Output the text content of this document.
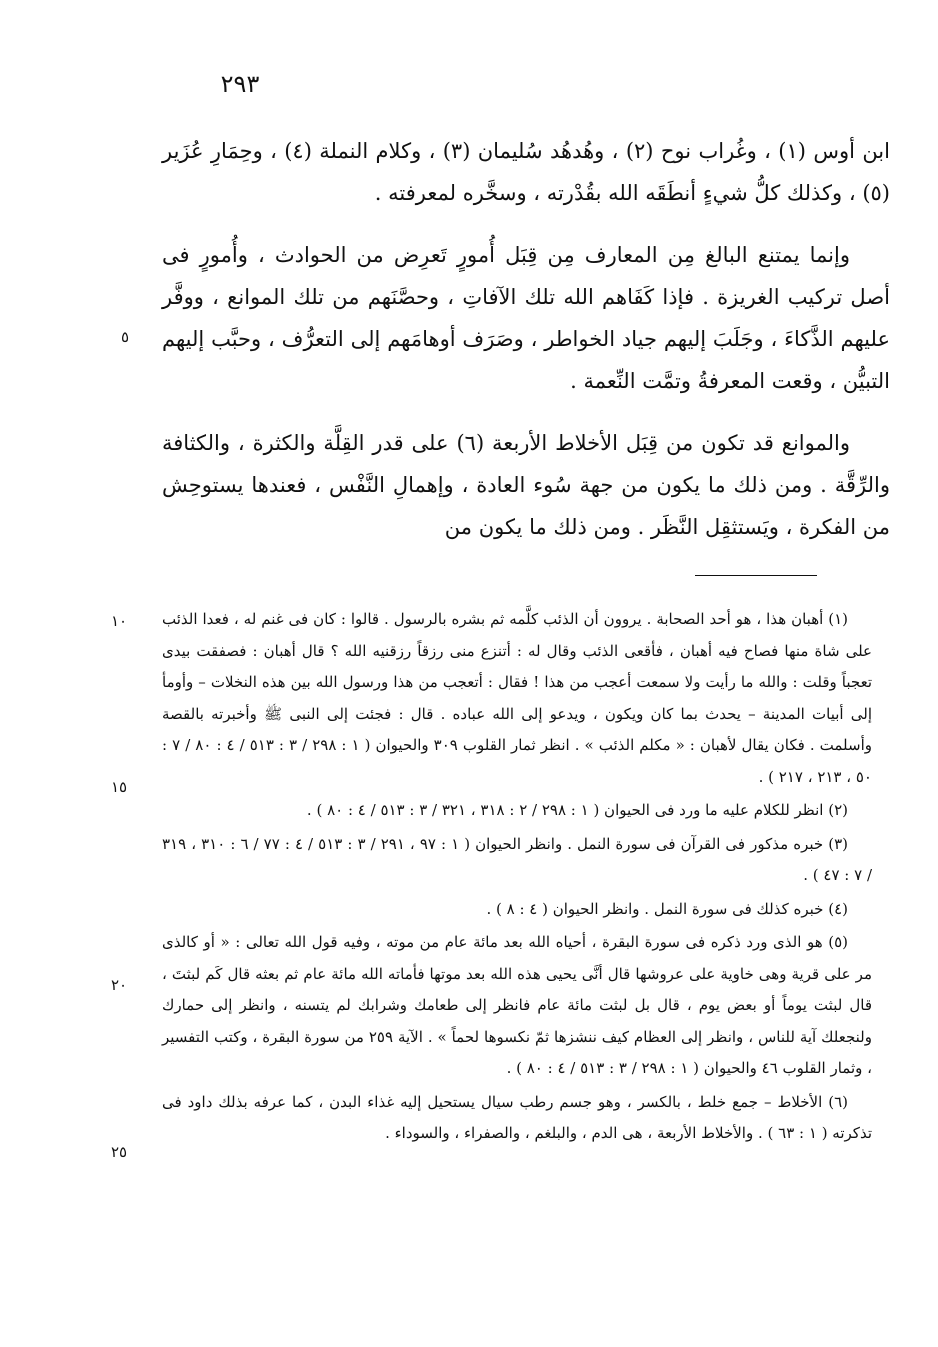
٢٩٣

ابن أوس (١) ، وغُراب نوح (٢) ، وهُدهُد سُليمان (٣) ، وكلام النملة (٤) ، وحِمَارِ عُزَير (٥) ، وكذلك كلُّ شيءٍ أنطَقَه الله بقُدْرته ، وسخَّره لمعرفته .

وإنما يمتنع البالغ مِن المعارف مِن قِبَل أُمورٍ تَعرِض من الحوادث ، وأُمورٍ فى أصل تركيب الغريزة . فإذا كَفَاهم الله تلك الآفاتِ ، وحصَّنَهم من تلك الموانع ، ووفَّر عليهم الذَّكاءَ ، وجَلَبَ إليهم جياد الخواطر ، وصَرَف أوهامَهم إلى التعرُّف ، وحبَّب إليهم التبيُّن ، وقعت المعرفةُ وتمَّت النِّعمة .

والموانع قد تكون من قِبَل الأخلاط الأربعة (٦) على قدر القِلَّة والكثرة ، والكثافة والرِّقَّة . ومن ذلك ما يكون من جهة سُوء العادة ، وإهمالِ النَّفْس ، فعندها يستوحِش من الفكرة ، ويَستثقِل النَّظَر . ومن ذلك ما يكون من

٥
١٠
١٥
٢٠
٢٥

(١) أهبان هذا ، هو أحد الصحابة . يروون أن الذئب كلَّمه ثم بشره بالرسول . قالوا : كان فى غنم له ، فعدا الذئب على شاة منها فصاح فيه أهبان ، فأقعى الذئب وقال له : أتنزع منى رزقاً رزقنيه الله ؟ قال أهبان : فصفقت بيدى تعجباً وقلت : والله ما رأيت ولا سمعت أعجب من هذا ! فقال : أتعجب من هذا ورسول الله بين هذه النخلات – وأومأ إلى أبيات المدينة – يحدث بما كان ويكون ، ويدعو إلى الله عباده . قال : فجئت إلى النبى ﷺ وأخبرته بالقصة وأسلمت . فكان يقال لأهبان : « مكلم الذئب » . انظر ثمار القلوب ٣٠٩ والحيوان ( ١ : ٢٩٨ / ٣ : ٥١٣ / ٤ : ٨٠ / ٧ : ٥٠ ، ٢١٣ ، ٢١٧ ) .

(٢) انظر للكلام عليه ما ورد فى الحيوان ( ١ : ٢٩٨ / ٢ : ٣١٨ ، ٣٢١ / ٣ : ٥١٣ / ٤ : ٨٠ ) .

(٣) خبره مذكور فى القرآن فى سورة النمل . وانظر الحيوان ( ١ : ٩٧ ، ٢٩١ / ٣ : ٥١٣ / ٤ : ٧٧ / ٦ : ٣١٠ ، ٣١٩ / ٧ : ٤٧ ) .

(٤) خبره كذلك فى سورة النمل . وانظر الحيوان ( ٤ : ٨ ) .

(٥) هو الذى ورد ذكره فى سورة البقرة ، أحياه الله بعد مائة عام من موته ، وفيه قول الله تعالى : « أو كالذى مر على قرية وهى خاوية على عروشها قال أنَّى يحيى هذه الله بعد موتها فأماته الله مائة عام ثم بعثه قال كَم لبثتَ ، قال لبثت يوماً أو بعض يوم ، قال بل لبثت مائة عام فانظر إلى طعامك وشرابك لم يتسنه ، وانظر إلى حمارك ولنجعلك آية للناس ، وانظر إلى العظام كيف ننشزها ثمّ نكسوها لحماً » . الآية ٢٥٩ من سورة البقرة ، وكتب التفسير ، وثمار القلوب ٤٦ والحيوان ( ١ : ٢٩٨ / ٣ : ٥١٣ / ٤ : ٨٠ ) .

(٦) الأخلاط – جمع خلط ، بالكسر ، وهو جسم رطب سيال يستحيل إليه غذاء البدن ، كما عرفه بذلك داود فى تذكرته ( ١ : ٦٣ ) . والأخلاط الأربعة ، هى الدم ، والبلغم ، والصفراء ، والسوداء .
